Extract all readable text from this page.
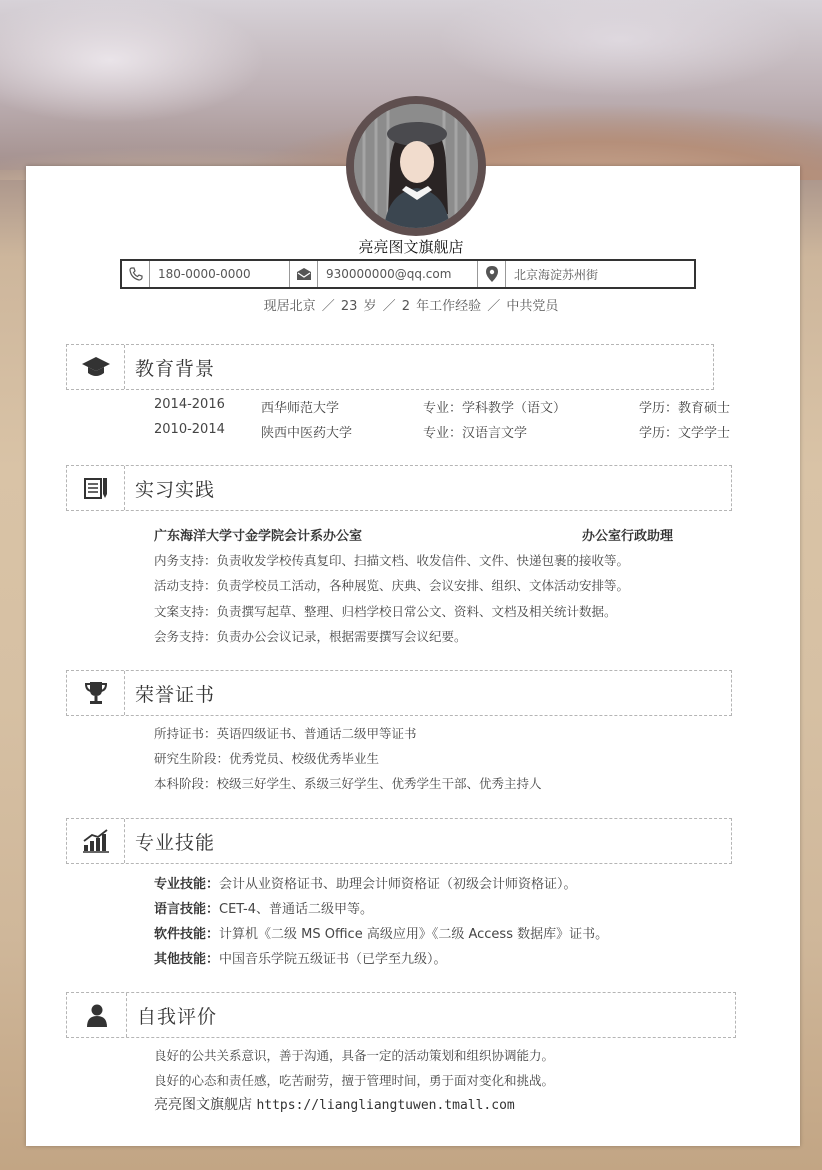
亮亮图文旗舰店
180-0000-0000	930000000@qq.com	北京海淀苏州街
现居北京 ／ 23 岁 ／ 2 年工作经验 ／ 中共党员
教育背景
2014-2016	西华师范大学	专业：学科教学（语文）	学历：教育硕士
2010-2014	陕西中医药大学	专业：汉语言文学	学历：文学学士
实习实践
广东海洋大学寸金学院会计系办公室	办公室行政助理
内务支持：负责收发学校传真复印、扫描文档、收发信件、文件、快递包裹的接收等。
活动支持：负责学校员工活动，各种展览、庆典、会议安排、组织、文体活动安排等。
文案支持：负责撰写起草、整理、归档学校日常公文、资料、文档及相关统计数据。
会务支持：负责办公会议记录，根据需要撰写会议纪要。
荣誉证书
所持证书：英语四级证书、普通话二级甲等证书
研究生阶段：优秀党员、校级优秀毕业生
本科阶段：校级三好学生、系级三好学生、优秀学生干部、优秀主持人
专业技能
专业技能：会计从业资格证书、助理会计师资格证（初级会计师资格证）。
语言技能：CET-4、普通话二级甲等。
软件技能：计算机《二级 MS Office 高级应用》《二级 Access 数据库》证书。
其他技能：中国音乐学院五级证书（已学至九级）。
自我评价
良好的公共关系意识，善于沟通，具备一定的活动策划和组织协调能力。
良好的心态和责任感，吃苦耐劳，擅于管理时间，勇于面对变化和挑战。
亮亮图文旗舰店 https://liangliangtuwen.tmall.com
